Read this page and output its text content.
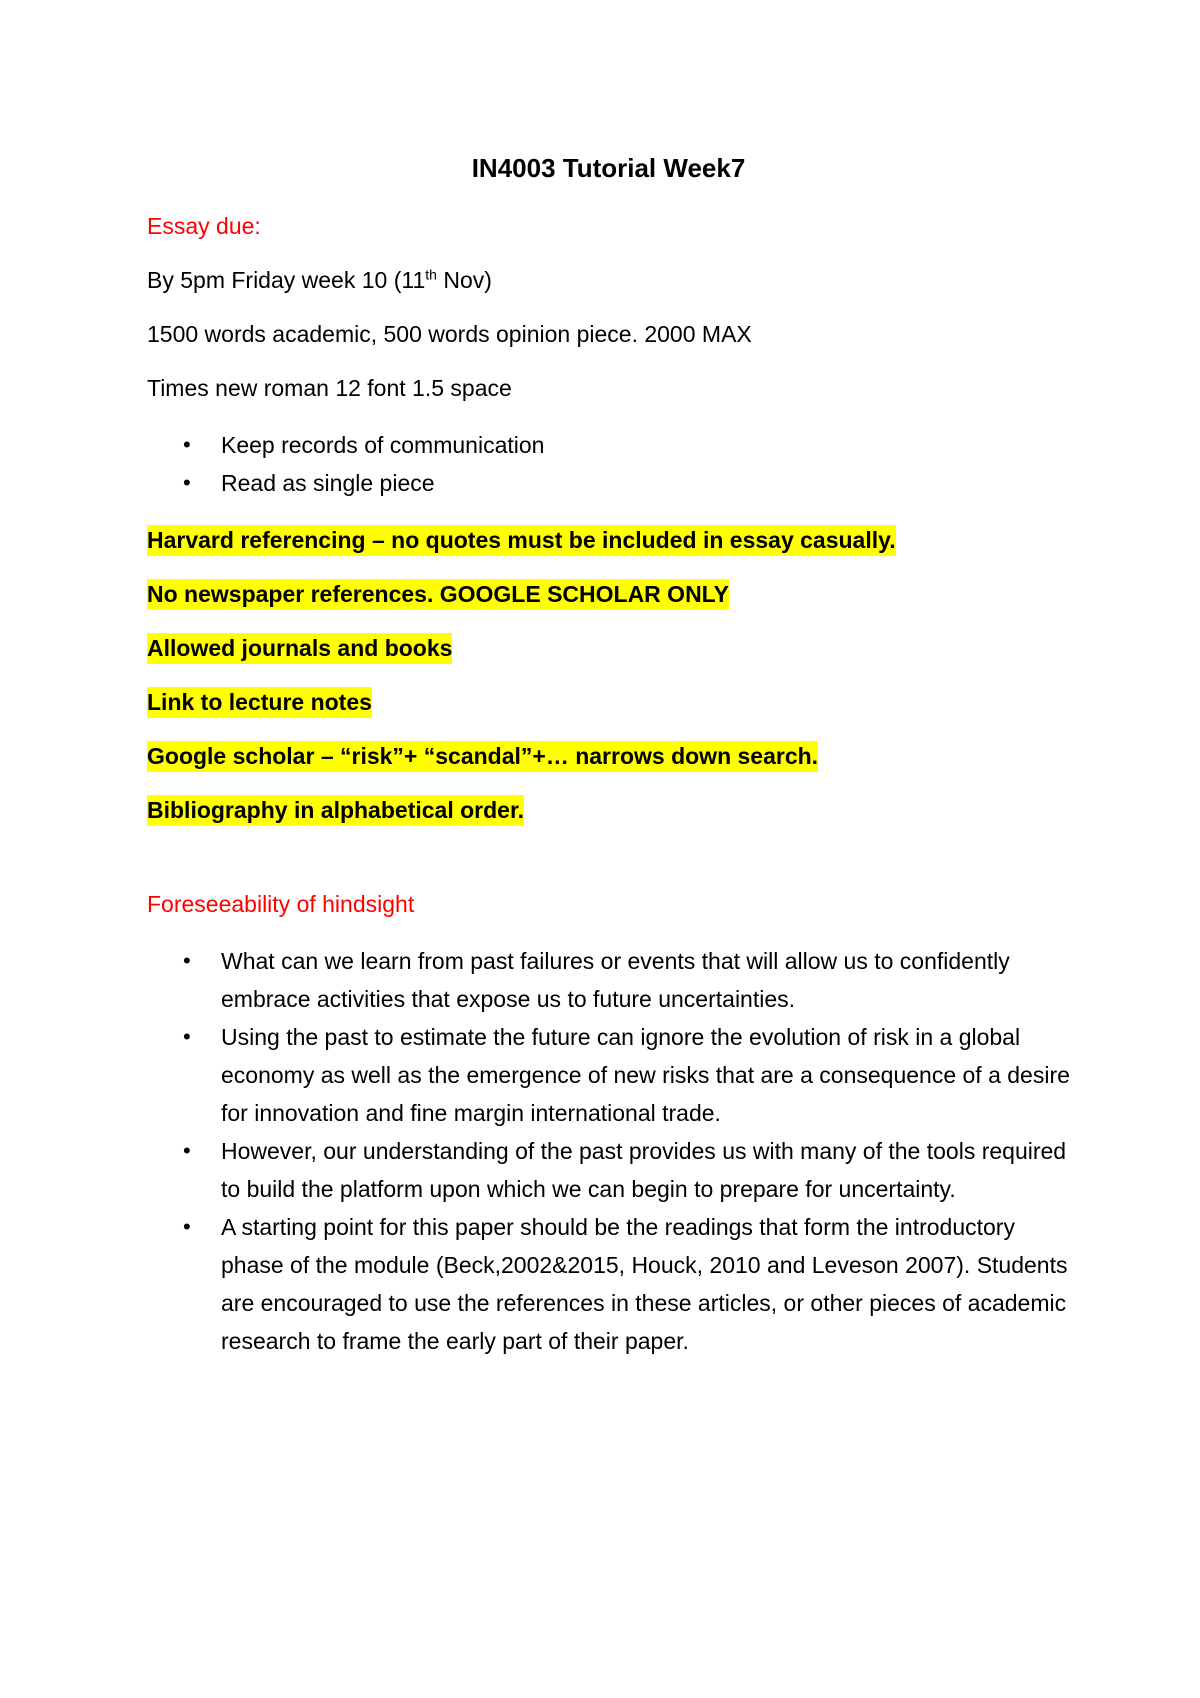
IN4003 Tutorial Week7
Essay due:
By 5pm Friday week 10 (11th Nov)
1500 words academic, 500 words opinion piece. 2000 MAX
Times new roman 12 font 1.5 space
• Keep records of communication
• Read as single piece
Harvard referencing – no quotes must be included in essay casually.
No newspaper references. GOOGLE SCHOLAR ONLY
Allowed journals and books
Link to lecture notes
Google scholar – “risk”+ “scandal”+… narrows down search.
Bibliography in alphabetical order.
Foreseeability of hindsight
• What can we learn from past failures or events that will allow us to confidently embrace activities that expose us to future uncertainties.
• Using the past to estimate the future can ignore the evolution of risk in a global economy as well as the emergence of new risks that are a consequence of a desire for innovation and fine margin international trade.
• However, our understanding of the past provides us with many of the tools required to build the platform upon which we can begin to prepare for uncertainty.
• A starting point for this paper should be the readings that form the introductory phase of the module (Beck,2002&2015, Houck, 2010 and Leveson 2007). Students are encouraged to use the references in these articles, or other pieces of academic research to frame the early part of their paper.
